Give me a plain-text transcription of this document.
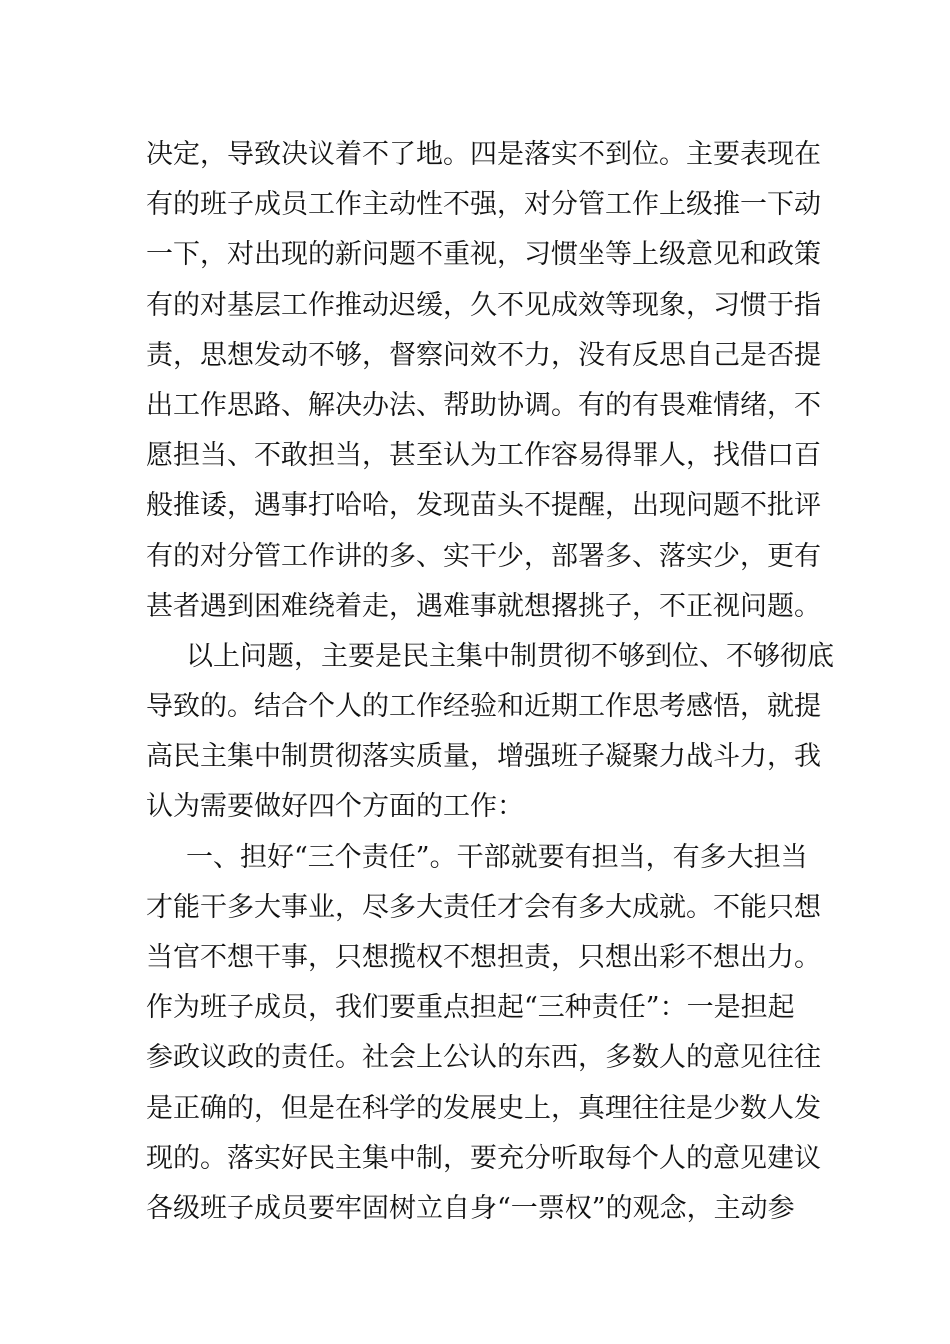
决定，导致决议着不了地。四是落实不到位。主要表现在
有的班子成员工作主动性不强，对分管工作上级推一下动
一下，对出现的新问题不重视，习惯坐等上级意见和政策
有的对基层工作推动迟缓，久不见成效等现象，习惯于指
责，思想发动不够，督察问效不力，没有反思自己是否提
出工作思路、解决办法、帮助协调。有的有畏难情绪，不
愿担当、不敢担当，甚至认为工作容易得罪人，找借口百
般推诿，遇事打哈哈，发现苗头不提醒，出现问题不批评
有的对分管工作讲的多、实干少，部署多、落实少，更有
甚者遇到困难绕着走，遇难事就想撂挑子，不正视问题。
以上问题，主要是民主集中制贯彻不够到位、不够彻底
导致的。结合个人的工作经验和近期工作思考感悟，就提
高民主集中制贯彻落实质量，增强班子凝聚力战斗力，我
认为需要做好四个方面的工作：
一、担好“三个责任”。干部就要有担当，有多大担当
才能干多大事业，尽多大责任才会有多大成就。不能只想
当官不想干事，只想揽权不想担责，只想出彩不想出力。
作为班子成员，我们要重点担起“三种责任”：一是担起
参政议政的责任。社会上公认的东西，多数人的意见往往
是正确的，但是在科学的发展史上，真理往往是少数人发
现的。落实好民主集中制，要充分听取每个人的意见建议
各级班子成员要牢固树立自身“一票权”的观念，主动参
